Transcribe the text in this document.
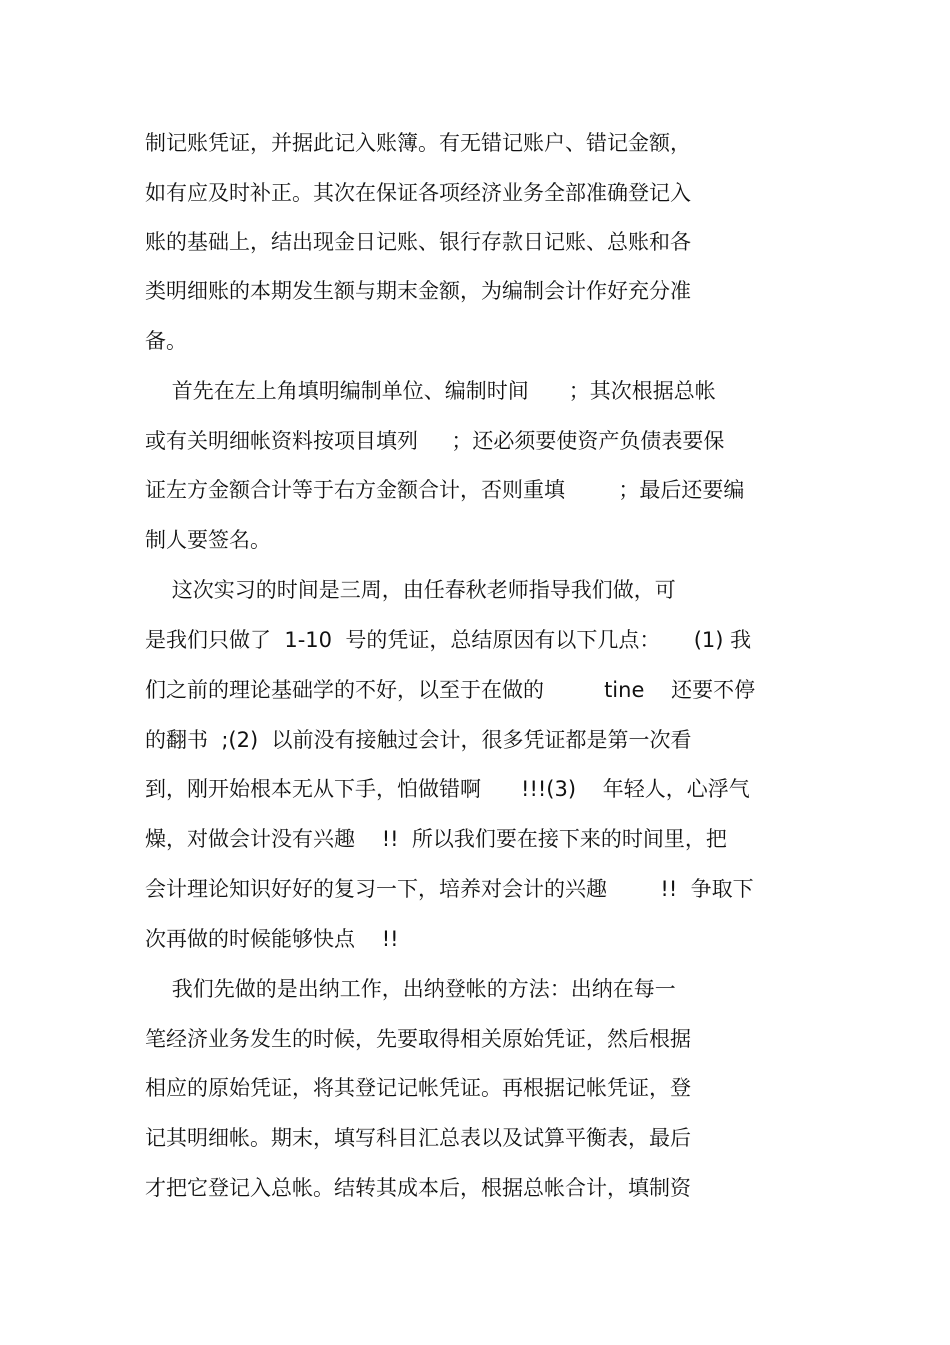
制记账凭证，并据此记入账簿。有无错记账户、错记金额，

如有应及时补正。其次在保证各项经济业务全部准确登记入

账的基础上，结出现金日记账、银行存款日记账、总账和各

类明细账的本期发生额与期末金额，为编制会计作好充分准

备。

首先在左上角填明编制单位、编制时间      ；其次根据总帐

或有关明细帐资料按项目填列     ；还必须要使资产负债表要保

证左方金额合计等于右方金额合计，否则重填        ；最后还要编

制人要签名。

这次实习的时间是三周，由任春秋老师指导我们做，可

是我们只做了  1-10  号的凭证，总结原因有以下几点：     (1) 我

们之前的理论基础学的不好，以至于在做的         tine    还要不停

的翻书  ;(2)  以前没有接触过会计，很多凭证都是第一次看

到，刚开始根本无从下手，怕做错啊      !!!(3)    年轻人，心浮气

燥，对做会计没有兴趣    !!  所以我们要在接下来的时间里，把

会计理论知识好好的复习一下，培养对会计的兴趣        !!  争取下

次再做的时候能够快点    !!

我们先做的是出纳工作，出纳登帐的方法：出纳在每一

笔经济业务发生的时候，先要取得相关原始凭证，然后根据

相应的原始凭证，将其登记记帐凭证。再根据记帐凭证，登

记其明细帐。期末，填写科目汇总表以及试算平衡表，最后

才把它登记入总帐。结转其成本后，根据总帐合计，填制资
